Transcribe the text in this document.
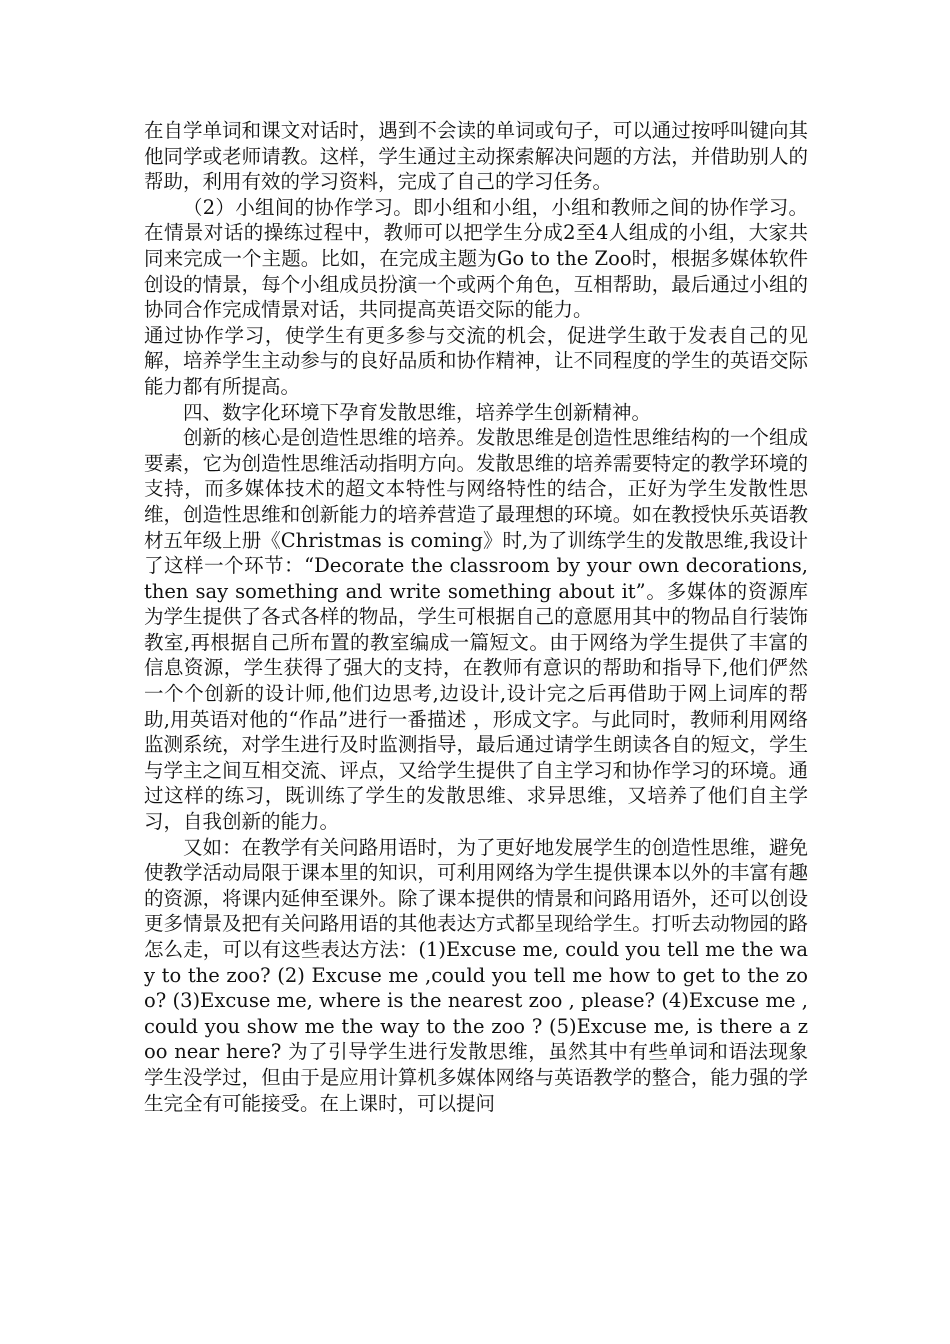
在自学单词和课文对话时，遇到不会读的单词或句子，可以通过按呼叫键向其他同学或老师请教。这样，学生通过主动探索解决问题的方法，并借助别人的帮助，利用有效的学习资料，完成了自己的学习任务。

（2）小组间的协作学习。即小组和小组，小组和教师之间的协作学习。在情景对话的操练过程中，教师可以把学生分成2至4人组成的小组，大家共同来完成一个主题。比如，在完成主题为Go to the Zoo时，根据多媒体软件创设的情景，每个小组成员扮演一个或两个角色，互相帮助，最后通过小组的协同合作完成情景对话，共同提高英语交际的能力。

通过协作学习，使学生有更多参与交流的机会，促进学生敢于发表自己的见解，培养学生主动参与的良好品质和协作精神，让不同程度的学生的英语交际能力都有所提高。

四、数字化环境下孕育发散思维，培养学生创新精神。

创新的核心是创造性思维的培养。发散思维是创造性思维结构的一个组成要素，它为创造性思维活动指明方向。发散思维的培养需要特定的教学环境的支持，而多媒体技术的超文本特性与网络特性的结合，正好为学生发散性思维，创造性思维和创新能力的培养营造了最理想的环境。如在教授快乐英语教材五年级上册《Christmas is coming》时,为了训练学生的发散思维,我设计了这样一个环节：“Decorate the classroom by your own decorations, then say something and write something about it”。多媒体的资源库为学生提供了各式各样的物品，学生可根据自己的意愿用其中的物品自行装饰教室,再根据自己所布置的教室编成一篇短文。由于网络为学生提供了丰富的信息资源，学生获得了强大的支持，在教师有意识的帮助和指导下,他们俨然一个个创新的设计师,他们边思考,边设计,设计完之后再借助于网上词库的帮助,用英语对他的“作品”进行一番描述 ，形成文字。与此同时，教师利用网络监测系统，对学生进行及时监测指导，最后通过请学生朗读各自的短文，学生与学主之间互相交流、评点，又给学生提供了自主学习和协作学习的环境。通过这样的练习，既训练了学生的发散思维、求异思维，又培养了他们自主学习，自我创新的能力。

又如：在教学有关问路用语时，为了更好地发展学生的创造性思维，避免使教学活动局限于课本里的知识，可利用网络为学生提供课本以外的丰富有趣的资源，将课内延伸至课外。除了课本提供的情景和问路用语外，还可以创设更多情景及把有关问路用语的其他表达方式都呈现给学生。打听去动物园的路怎么走，可以有这些表达方法：(1)Excuse me, could you tell me the way to the zoo? (2) Excuse me ,could you tell me how to get to the zoo? (3)Excuse me, where is the nearest zoo , please? (4)Excuse me ,could you show me the way to the zoo ? (5)Excuse me, is there a zoo near here? 为了引导学生进行发散思维，虽然其中有些单词和语法现象学生没学过，但由于是应用计算机多媒体网络与英语教学的整合，能力强的学生完全有可能接受。在上课时，可以提问
